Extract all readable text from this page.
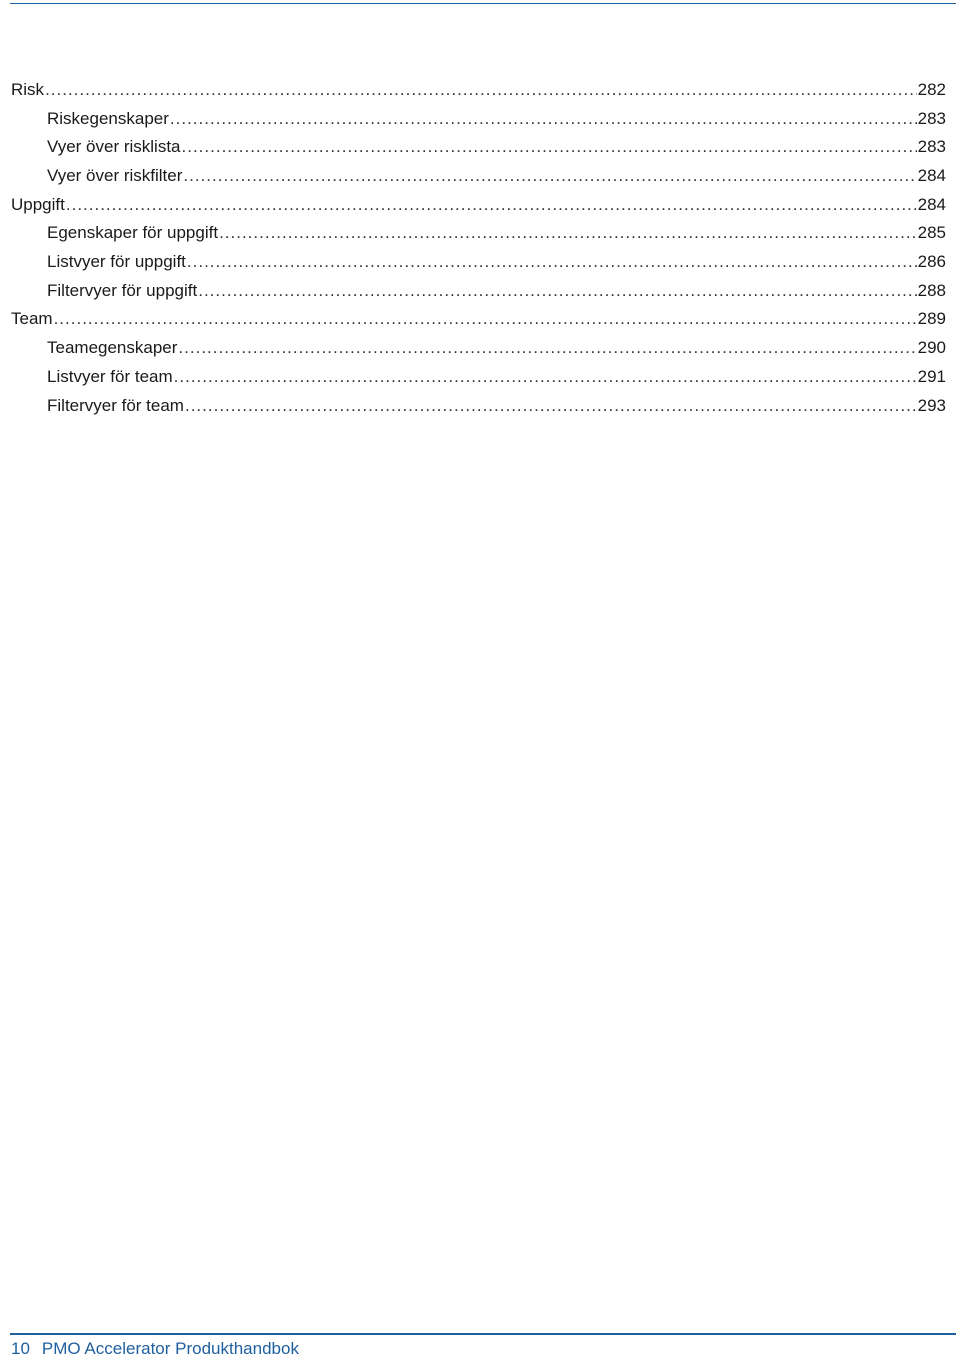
Risk .....	282
Riskegenskaper .....	283
Vyer över risklista .....	283
Vyer över riskfilter .....	284
Uppgift .....	284
Egenskaper för uppgift .....	285
Listvyer för uppgift .....	286
Filtervyer för uppgift .....	288
Team .....	289
Teamegenskaper .....	290
Listvyer för team .....	291
Filtervyer för team .....	293
10 PMO Accelerator Produkthandbok
